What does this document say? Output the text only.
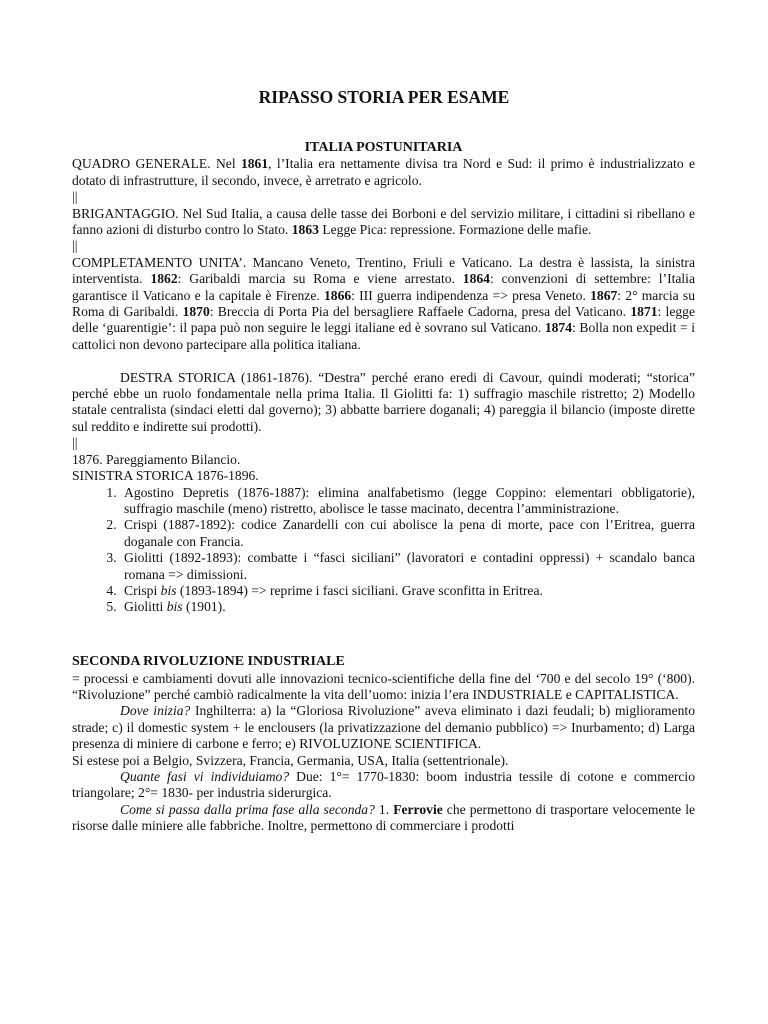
RIPASSO STORIA PER ESAME

ITALIA POSTUNITARIA

QUADRO GENERALE. Nel 1861, l’Italia era nettamente divisa tra Nord e Sud: il primo è industrializzato e dotato di infrastrutture, il secondo, invece, è arretrato e agricolo.

||

BRIGANTAGGIO. Nel Sud Italia, a causa delle tasse dei Borboni e del servizio militare, i cittadini si ribellano e fanno azioni di disturbo contro lo Stato. 1863 Legge Pica: repressione. Formazione delle mafie.

||

COMPLETAMENTO UNITA’. Mancano Veneto, Trentino, Friuli e Vaticano. La destra è lassista, la sinistra interventista. 1862: Garibaldi marcia su Roma e viene arrestato. 1864: convenzioni di settembre: l’Italia garantisce il Vaticano e la capitale è Firenze. 1866: III guerra indipendenza => presa Veneto. 1867: 2° marcia su Roma di Garibaldi. 1870: Breccia di Porta Pia del bersagliere Raffaele Cadorna, presa del Vaticano. 1871: legge delle ‘guarentigie’: il papa può non seguire le leggi italiane ed è sovrano sul Vaticano. 1874: Bolla non expedit = i cattolici non devono partecipare alla politica italiana.

DESTRA STORICA (1861-1876). “Destra” perché erano eredi di Cavour, quindi moderati; “storica” perché ebbe un ruolo fondamentale nella prima Italia. Il Giolitti fa: 1) suffragio maschile ristretto; 2) Modello statale centralista (sindaci eletti dal governo); 3) abbatte barriere doganali; 4) pareggia il bilancio (imposte dirette sul reddito e indirette sui prodotti).

||

1876. Pareggiamento Bilancio.

SINISTRA STORICA 1876-1896.

1. Agostino Depretis (1876-1887): elimina analfabetismo (legge Coppino: elementari obbligatorie), suffragio maschile (meno) ristretto, abolisce le tasse macinato, decentra l’amministrazione.
2. Crispi (1887-1892): codice Zanardelli con cui abolisce la pena di morte, pace con l’Eritrea, guerra doganale con Francia.
3. Giolitti (1892-1893): combatte i “fasci siciliani” (lavoratori e contadini oppressi) + scandalo banca romana => dimissioni.
4. Crispi bis (1893-1894) => reprime i fasci siciliani. Grave sconfitta in Eritrea.
5. Giolitti bis (1901).

SECONDA RIVOLUZIONE INDUSTRIALE

= processi e cambiamenti dovuti alle innovazioni tecnico-scientifiche della fine del ‘700 e del secolo 19° (‘800). “Rivoluzione” perché cambiò radicalmente la vita dell’uomo: inizia l’era INDUSTRIALE e CAPITALISTICA.

Dove inizia? Inghilterra: a) la “Gloriosa Rivoluzione” aveva eliminato i dazi feudali; b) miglioramento strade; c) il domestic system + le enclousers (la privatizzazione del demanio pubblico) => Inurbamento; d) Larga presenza di miniere di carbone e ferro; e) RIVOLUZIONE SCIENTIFICA.

Si estese poi a Belgio, Svizzera, Francia, Germania, USA, Italia (settentrionale).

Quante fasi vi individuiamo? Due: 1°= 1770-1830: boom industria tessile di cotone e commercio triangolare; 2°= 1830- per industria siderurgica.

Come si passa dalla prima fase alla seconda? 1. Ferrovie che permettono di trasportare velocemente le risorse dalle miniere alle fabbriche. Inoltre, permettono di commerciare i prodotti
